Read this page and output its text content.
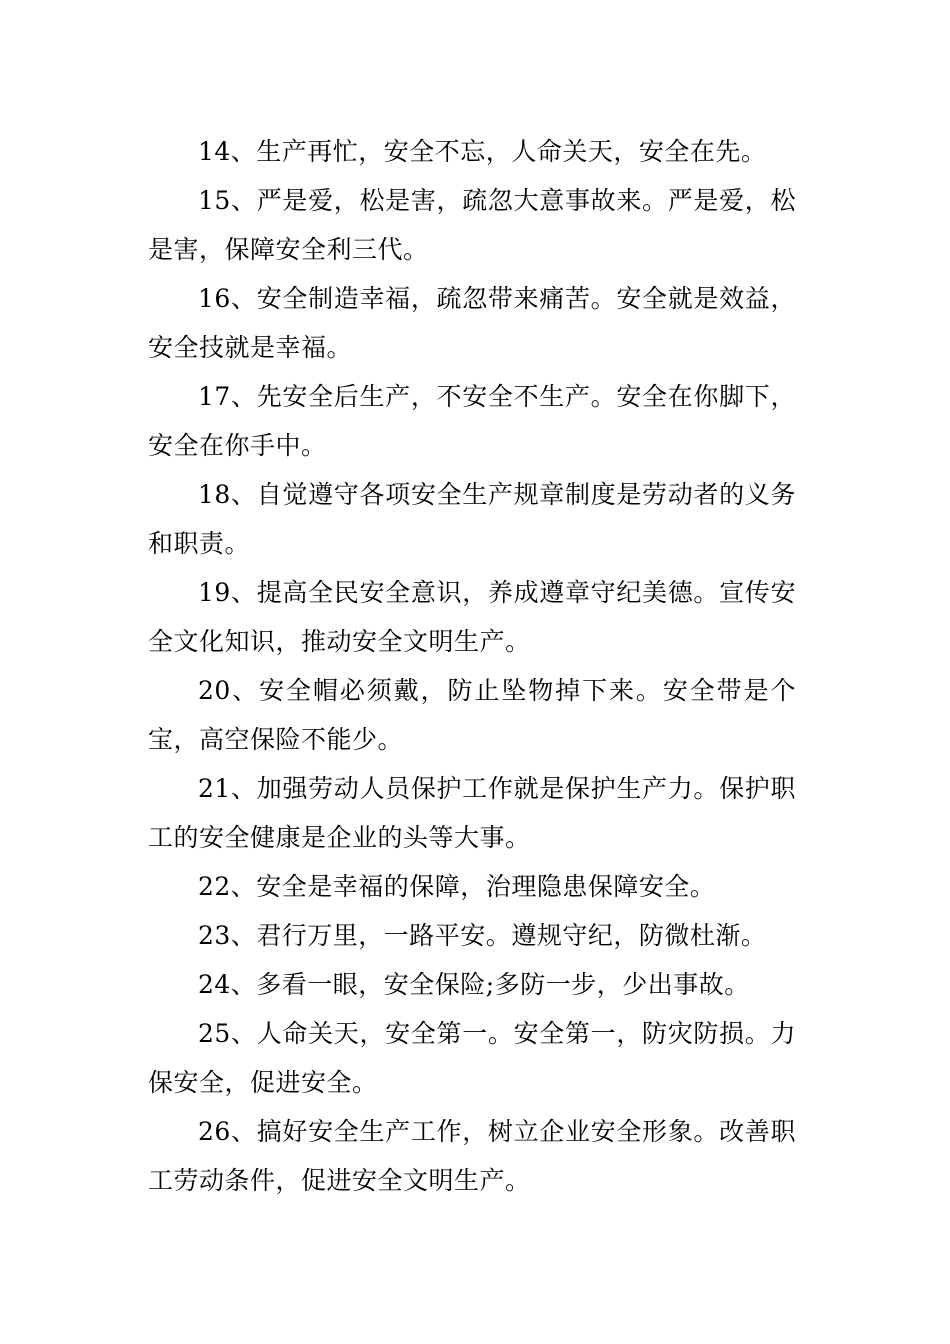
14、生产再忙，安全不忘，人命关天，安全在先。

15、严是爱，松是害，疏忽大意事故来。严是爱，松是害，保障安全利三代。

16、安全制造幸福，疏忽带来痛苦。安全就是效益，安全技就是幸福。

17、先安全后生产，不安全不生产。安全在你脚下，安全在你手中。

18、自觉遵守各项安全生产规章制度是劳动者的义务和职责。

19、提高全民安全意识，养成遵章守纪美德。宣传安全文化知识，推动安全文明生产。

20、安全帽必须戴，防止坠物掉下来。安全带是个宝，高空保险不能少。

21、加强劳动人员保护工作就是保护生产力。保护职工的安全健康是企业的头等大事。

22、安全是幸福的保障，治理隐患保障安全。

23、君行万里，一路平安。遵规守纪，防微杜渐。

24、多看一眼，安全保险;多防一步，少出事故。

25、人命关天，安全第一。安全第一，防灾防损。力保安全，促进安全。

26、搞好安全生产工作，树立企业安全形象。改善职工劳动条件，促进安全文明生产。
